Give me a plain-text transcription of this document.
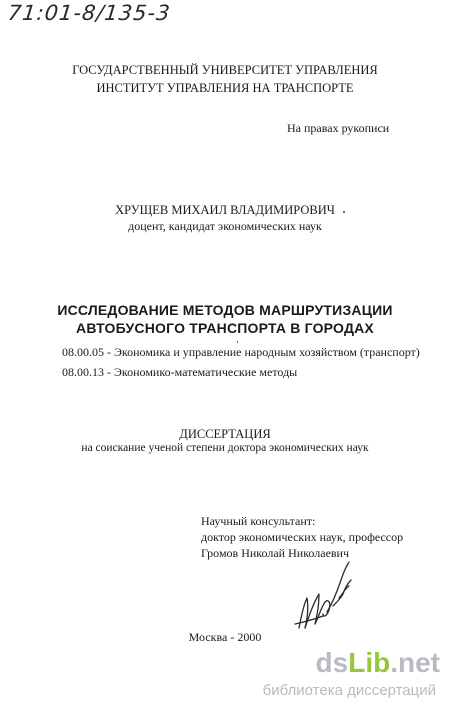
71:01-8/135-3
ГОСУДАРСТВЕННЫЙ УНИВЕРСИТЕТ УПРАВЛЕНИЯ
ИНСТИТУТ УПРАВЛЕНИЯ НА ТРАНСПОРТЕ
На правах рукописи
ХРУЩЕВ МИХАИЛ ВЛАДИМИРОВИЧ
доцент, кандидат экономических наук
ИССЛЕДОВАНИЕ МЕТОДОВ МАРШРУТИЗАЦИИ
АВТОБУСНОГО ТРАНСПОРТА В ГОРОДАХ
08.00.05 - Экономика и управление народным хозяйством (транспорт)
08.00.13 - Экономико-математические методы
ДИССЕРТАЦИЯ
на соискание ученой степени доктора экономических наук
Научный консультант:
доктор экономических наук, профессор
Громов Николай Николаевич
Москва - 2000
dsLib.net
библиотека диссертаций
